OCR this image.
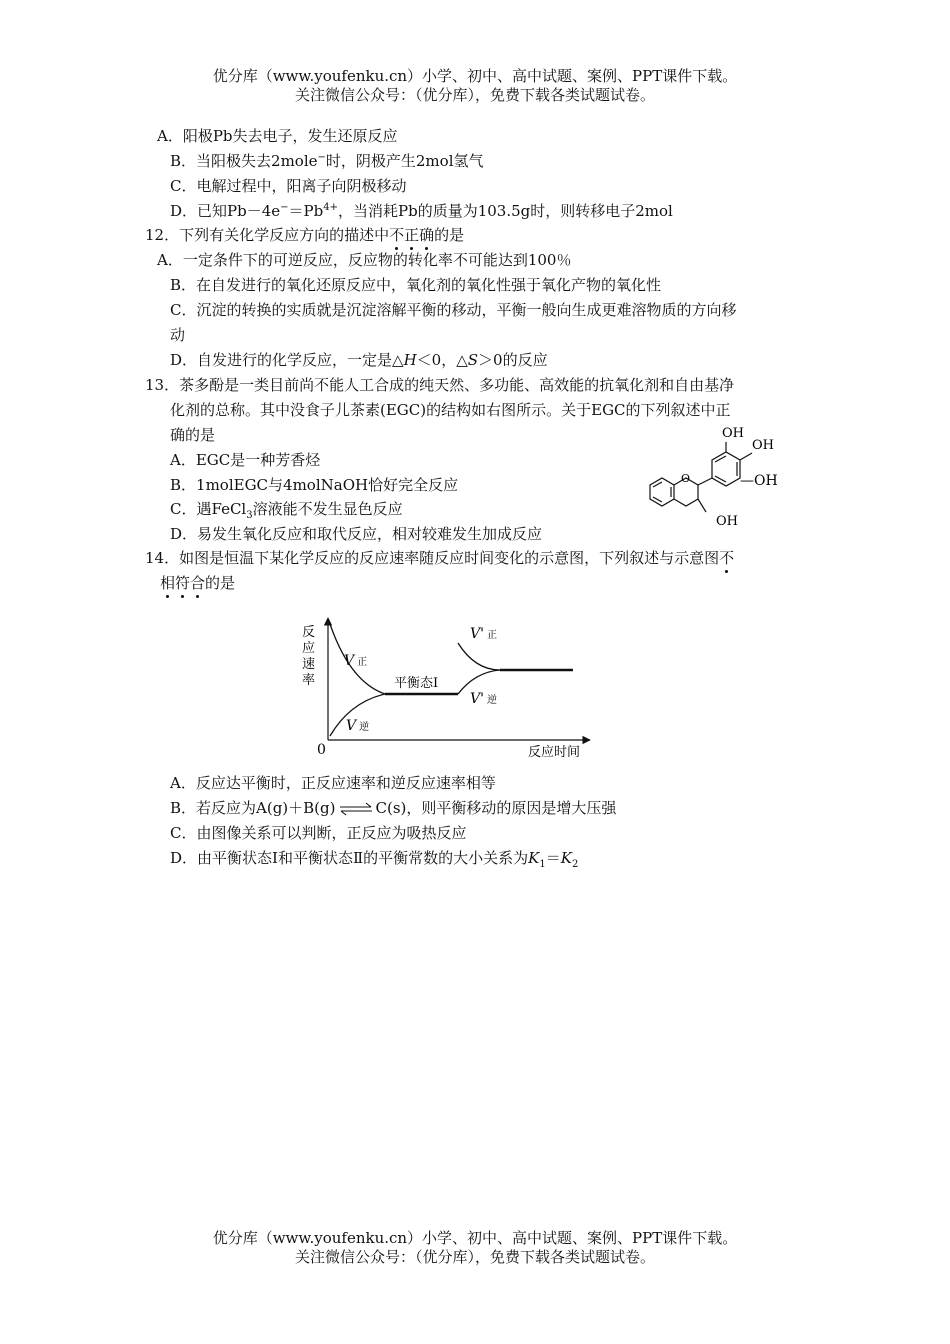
优分库（www.youfenku.cn）小学、初中、高中试题、案例、PPT课件下载。
关注微信公众号：（优分库），免费下载各类试题试卷。
A．阳极Pb失去电子，发生还原反应
B．当阳极失去2mole−时，阴极产生2mol氢气
C．电解过程中，阳离子向阴极移动
D．已知$Pb-4e^-=Pb^{4+}$，当消耗Pb的质量为103.5g时，则转移电子2mol
12．下列有关化学反应方向的描述中不正确的是
A．一定条件下的可逆反应，反应物的转化率不可能达到100％
B．在自发进行的氧化还原反应中，氧化剂的氧化性强于氧化产物的氧化性
C．沉淀的转换的实质就是沉淀溶解平衡的移动，平衡一般向生成更难溶物质的方向移
动
D．自发进行的化学反应，一定是△H＜0，△S＞0的反应
13．茶多酚是一类目前尚不能人工合成的纯天然、多功能、高效能的抗氧化剂和自由基净
化剂的总称。其中没食子儿茶素(EGC)的结构如右图所示。关于EGC的下列叙述中正
确的是
A．EGC是一种芳香烃
B．1molEGC与4molNaOH恰好完全反应
C．遇FeCl$_3$溶液能不发生显色反应
D．易发生氧化反应和取代反应，相对较难发生加成反应
O
OH
OH
—OH
OH
14．如图是恒温下某化学反应的反应速率随反应时间变化的示意图，下列叙述与示意图不
相符合的是
反
应
速
率
0	反应时间
V 正
V 逆
平衡态Ⅰ
V' 正
V' 逆
A．反应达平衡时，正反应速率和逆反应速率相等
B．若反应为A(g)＋B(g) ⇌ C(s)，则平衡移动的原因是增大压强
C．由图像关系可以判断，正反应为吸热反应
D．由平衡状态Ⅰ和平衡状态Ⅱ的平衡常数的大小关系为$K_1=K_2$
优分库（www.youfenku.cn）小学、初中、高中试题、案例、PPT课件下载。
关注微信公众号：（优分库），免费下载各类试题试卷。
